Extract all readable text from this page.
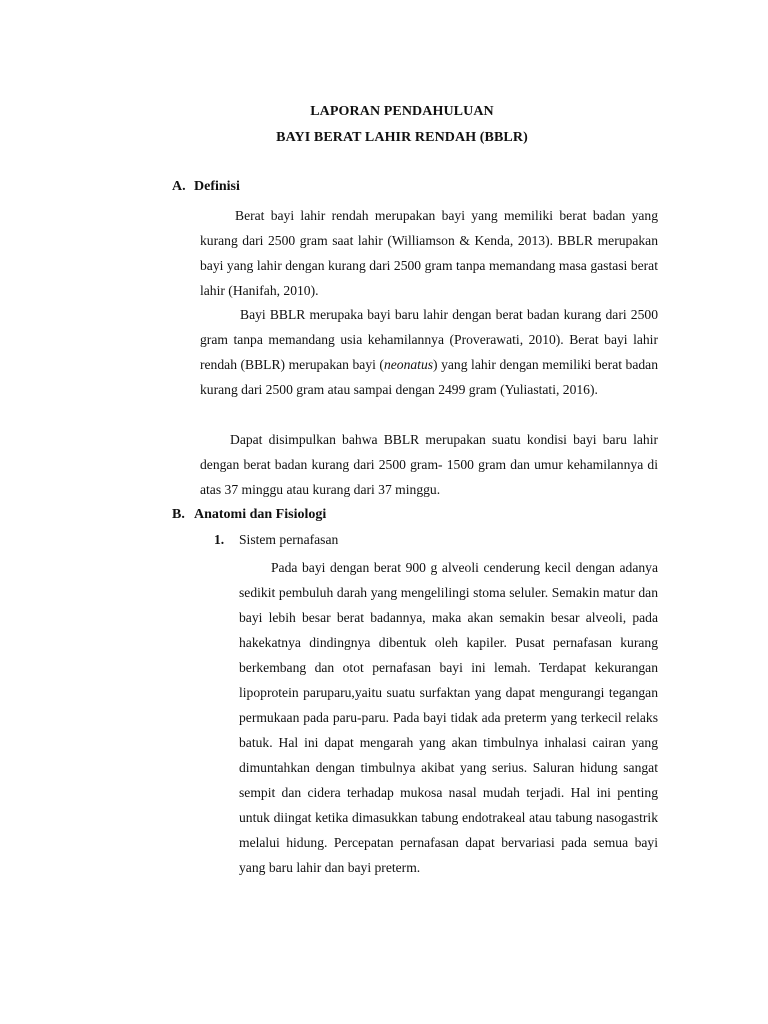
LAPORAN PENDAHULUAN
BAYI BERAT LAHIR RENDAH (BBLR)
A. Definisi

Berat bayi lahir rendah merupakan bayi yang memiliki berat badan yang kurang dari 2500 gram saat lahir (Williamson & Kenda, 2013). BBLR merupakan bayi yang lahir dengan kurang dari 2500 gram tanpa memandang masa gastasi berat lahir (Hanifah, 2010).

Bayi BBLR merupaka bayi baru lahir dengan berat badan kurang dari 2500 gram tanpa memandang usia kehamilannya (Proverawati, 2010). Berat bayi lahir rendah (BBLR) merupakan bayi (neonatus) yang lahir dengan memiliki berat badan kurang dari 2500 gram atau sampai dengan 2499 gram (Yuliastati, 2016).

Dapat disimpulkan bahwa BBLR merupakan suatu kondisi bayi baru lahir dengan berat badan kurang dari 2500 gram- 1500 gram dan umur kehamilannya di atas 37 minggu atau kurang dari 37 minggu.

B. Anatomi dan Fisiologi
1. Sistem pernafasan

Pada bayi dengan berat 900 g alveoli cenderung kecil dengan adanya sedikit pembuluh darah yang mengelilingi stoma seluler. Semakin matur dan bayi lebih besar berat badannya, maka akan semakin besar alveoli, pada hakekatnya dindingnya dibentuk oleh kapiler. Pusat pernafasan kurang berkembang dan otot pernafasan bayi ini lemah. Terdapat kekurangan lipoprotein paruparu,yaitu suatu surfaktan yang dapat mengurangi tegangan permukaan pada paru-paru. Pada bayi tidak ada preterm yang terkecil relaks batuk. Hal ini dapat mengarah yang akan timbulnya inhalasi cairan yang dimuntahkan dengan timbulnya akibat yang serius. Saluran hidung sangat sempit dan cidera terhadap mukosa nasal mudah terjadi. Hal ini penting untuk diingat ketika dimasukkan tabung endotrakeal atau tabung nasogastrik melalui hidung. Percepatan pernafasan dapat bervariasi pada semua bayi yang baru lahir dan bayi preterm.
